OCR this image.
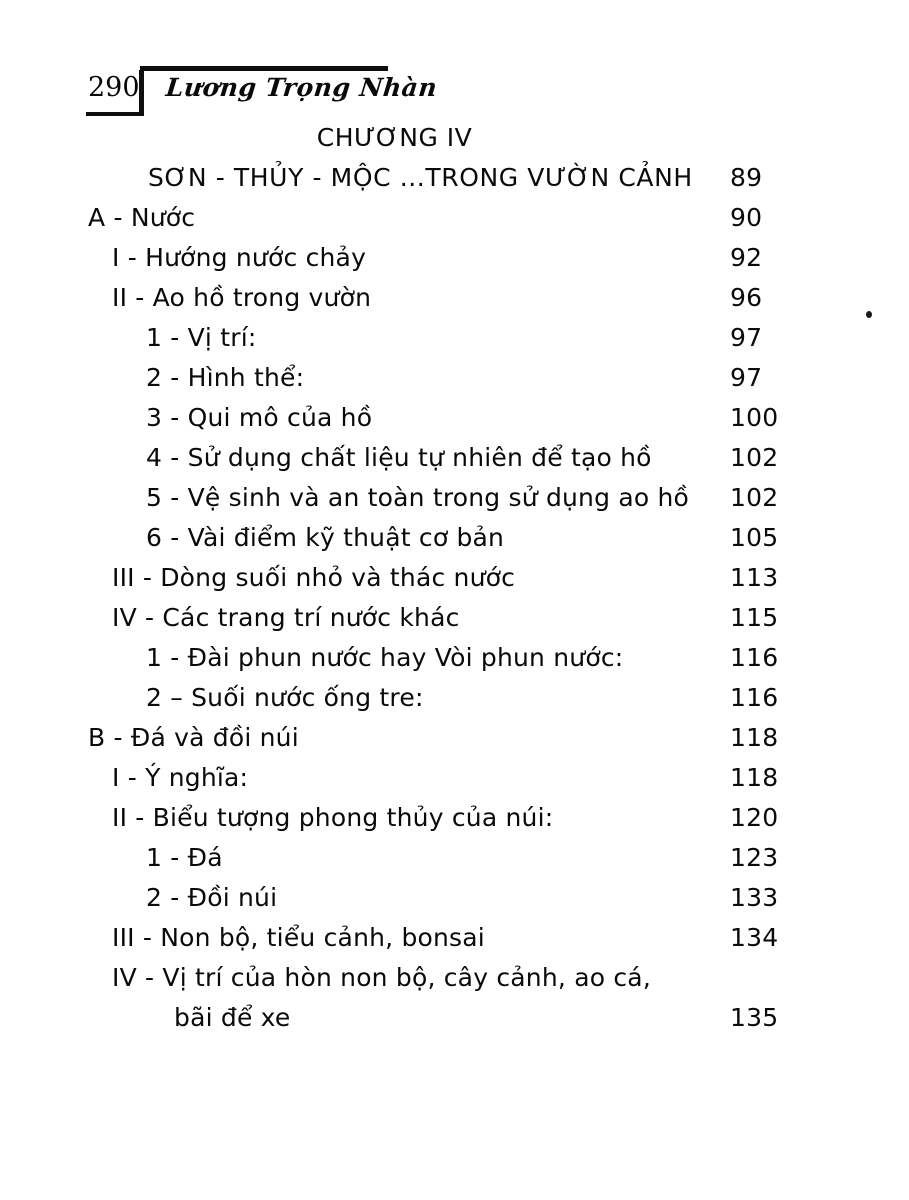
290 Lương Trọng Nhàn
CHƯƠNG IV
SƠN - THỦY - MỘC ...TRONG VƯỜN CẢNH 89
A - Nước	90
I - Hướng nước chảy	92
II - Ao hồ trong vườn	96
1 - Vị trí:	97
2 - Hình thể:	97
3 - Qui mô của hồ	100
4 - Sử dụng chất liệu tự nhiên để tạo hồ	102
5 - Vệ sinh và an toàn trong sử dụng ao hồ 102
6 - Vài điểm kỹ thuật cơ bản	105
III - Dòng suối nhỏ và thác nước	113
IV - Các trang trí nước khác	115
1 - Đài phun nước hay Vòi phun nước:	116
2 – Suối nước ống tre:	116
B - Đá và đồi núi	118
I - Ý nghĩa:	118
II - Biểu tượng phong thủy của núi:	120
1 - Đá	123
2 - Đồi núi	133
III - Non bộ, tiểu cảnh, bonsai	134
IV - Vị trí của hòn non bộ, cây cảnh, ao cá,
bãi để xe	135
